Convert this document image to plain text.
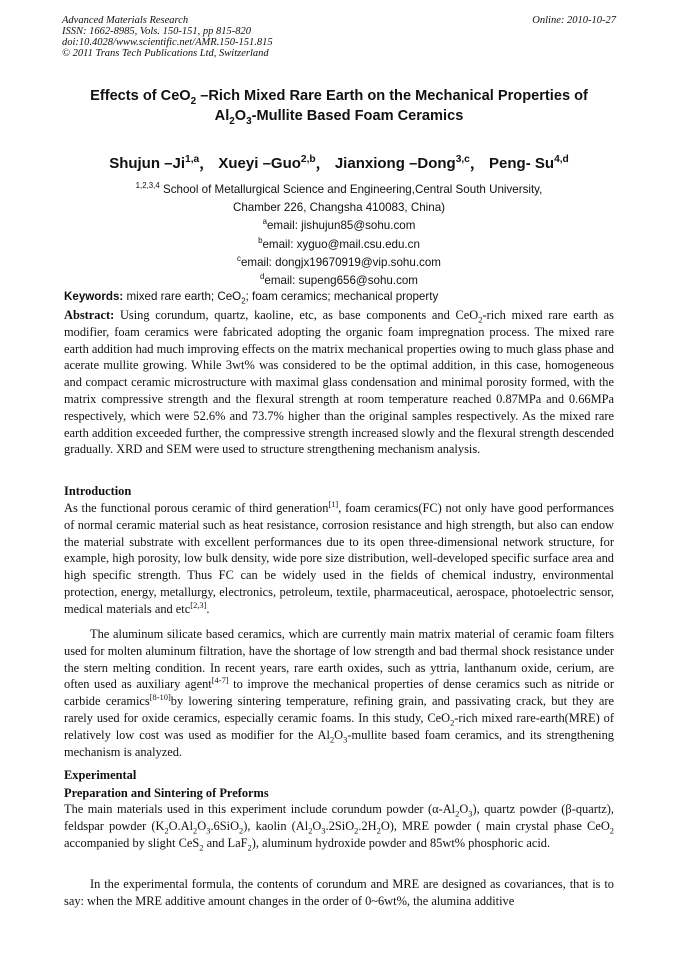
Advanced Materials Research
ISSN: 1662-8985, Vols. 150-151, pp 815-820
doi:10.4028/www.scientific.net/AMR.150-151.815
© 2011 Trans Tech Publications Ltd, Switzerland
Online: 2010-10-27
Effects of CeO$_2$ –Rich Mixed Rare Earth on the Mechanical Properties of
$Al_2O_3$-Mullite Based Foam Ceramics
Shujun –Ji$^{1,a}$， Xueyi –Guo$^{2,b}$， Jianxiong –Dong$^{3,c}$， Peng- Su$^{4,d}$
$^{1,2,3,4}$ School of Metallurgical Science and Engineering,Central South University,
Chamber 226, Changsha 410083, China)
$^a$email: jishujun85@sohu.com
$^b$email: xyguo@mail.csu.edu.cn
$^c$email: dongjx19670919@vip.sohu.com
$^d$email: supeng656@sohu.com
Keywords: mixed rare earth; CeO$_2$; foam ceramics; mechanical property

Abstract: Using corundum, quartz, kaoline, etc, as base components and CeO$_2$-rich mixed rare earth as modifier, foam ceramics were fabricated adopting the organic foam impregnation process. The mixed rare earth addition had much improving effects on the matrix mechanical properties owing to much glass phase and acerate mullite growing. While 3wt% was considered to be the optimal addition, in this case, homogeneous and compact ceramic microstructure with maximal glass condensation and minimal porosity formed, with the matrix compressive strength and the flexural strength at room temperature reached 0.87MPa and 0.66MPa respectively, which were 52.6% and 73.7% higher than the original samples respectively. As the mixed rare earth addition exceeded further, the compressive strength increased slowly and the flexural strength descended gradually. XRD and SEM were used to structure strengthening mechanism analysis.

Introduction

As the functional porous ceramic of third generation[1], foam ceramics(FC) not only have good performances of normal ceramic material such as heat resistance, corrosion resistance and high strength, but also can endow the material substrate with excellent performances due to its open three-dimensional network structure, for example, high porosity, low bulk density, wide pore size distribution, well-developed specific surface area and high specific strength. Thus FC can be widely used in the fields of chemical industry, environmental protection, energy, metallurgy, electronics, petroleum, textile, pharmaceutical, aerospace, photoelectric sensor, medical materials and etc[2,3].

The aluminum silicate based ceramics, which are currently main matrix material of ceramic foam filters used for molten aluminum filtration, have the shortage of low strength and bad thermal shock resistance under the stern melting condition. In recent years, rare earth oxides, such as yttria, lanthanum oxide, cerium, are often used as auxiliary agent[4-7] to improve the mechanical properties of dense ceramics such as nitride or carbide ceramics[8-10]by lowering sintering temperature, refining grain, and passivating crack, but they are rarely used for oxide ceramics, especially ceramic foams. In this study, CeO$_2$-rich mixed rare-earth(MRE) of relatively low cost was used as modifier for the $Al_2O_3$-mullite based foam ceramics, and its strengthening mechanism is analyzed.

Experimental
Preparation and Sintering of Preforms

The main materials used in this experiment include corundum powder $(\alpha-Al_2O_3)$, quartz powder (β-quartz), feldspar powder $(K_2O.Al_2O_3.6SiO_2)$, kaolin $(Al_2O_3.2SiO_2.2H_2O)$, MRE powder ( main crystal phase CeO$_2$ accompanied by slight CeS$_2$ and LaF$_2$), aluminum hydroxide powder and 85wt% phosphoric acid.

In the experimental formula, the contents of corundum and MRE are designed as covariances, that is to say: when the MRE additive amount changes in the order of 0~6wt%, the alumina additive
